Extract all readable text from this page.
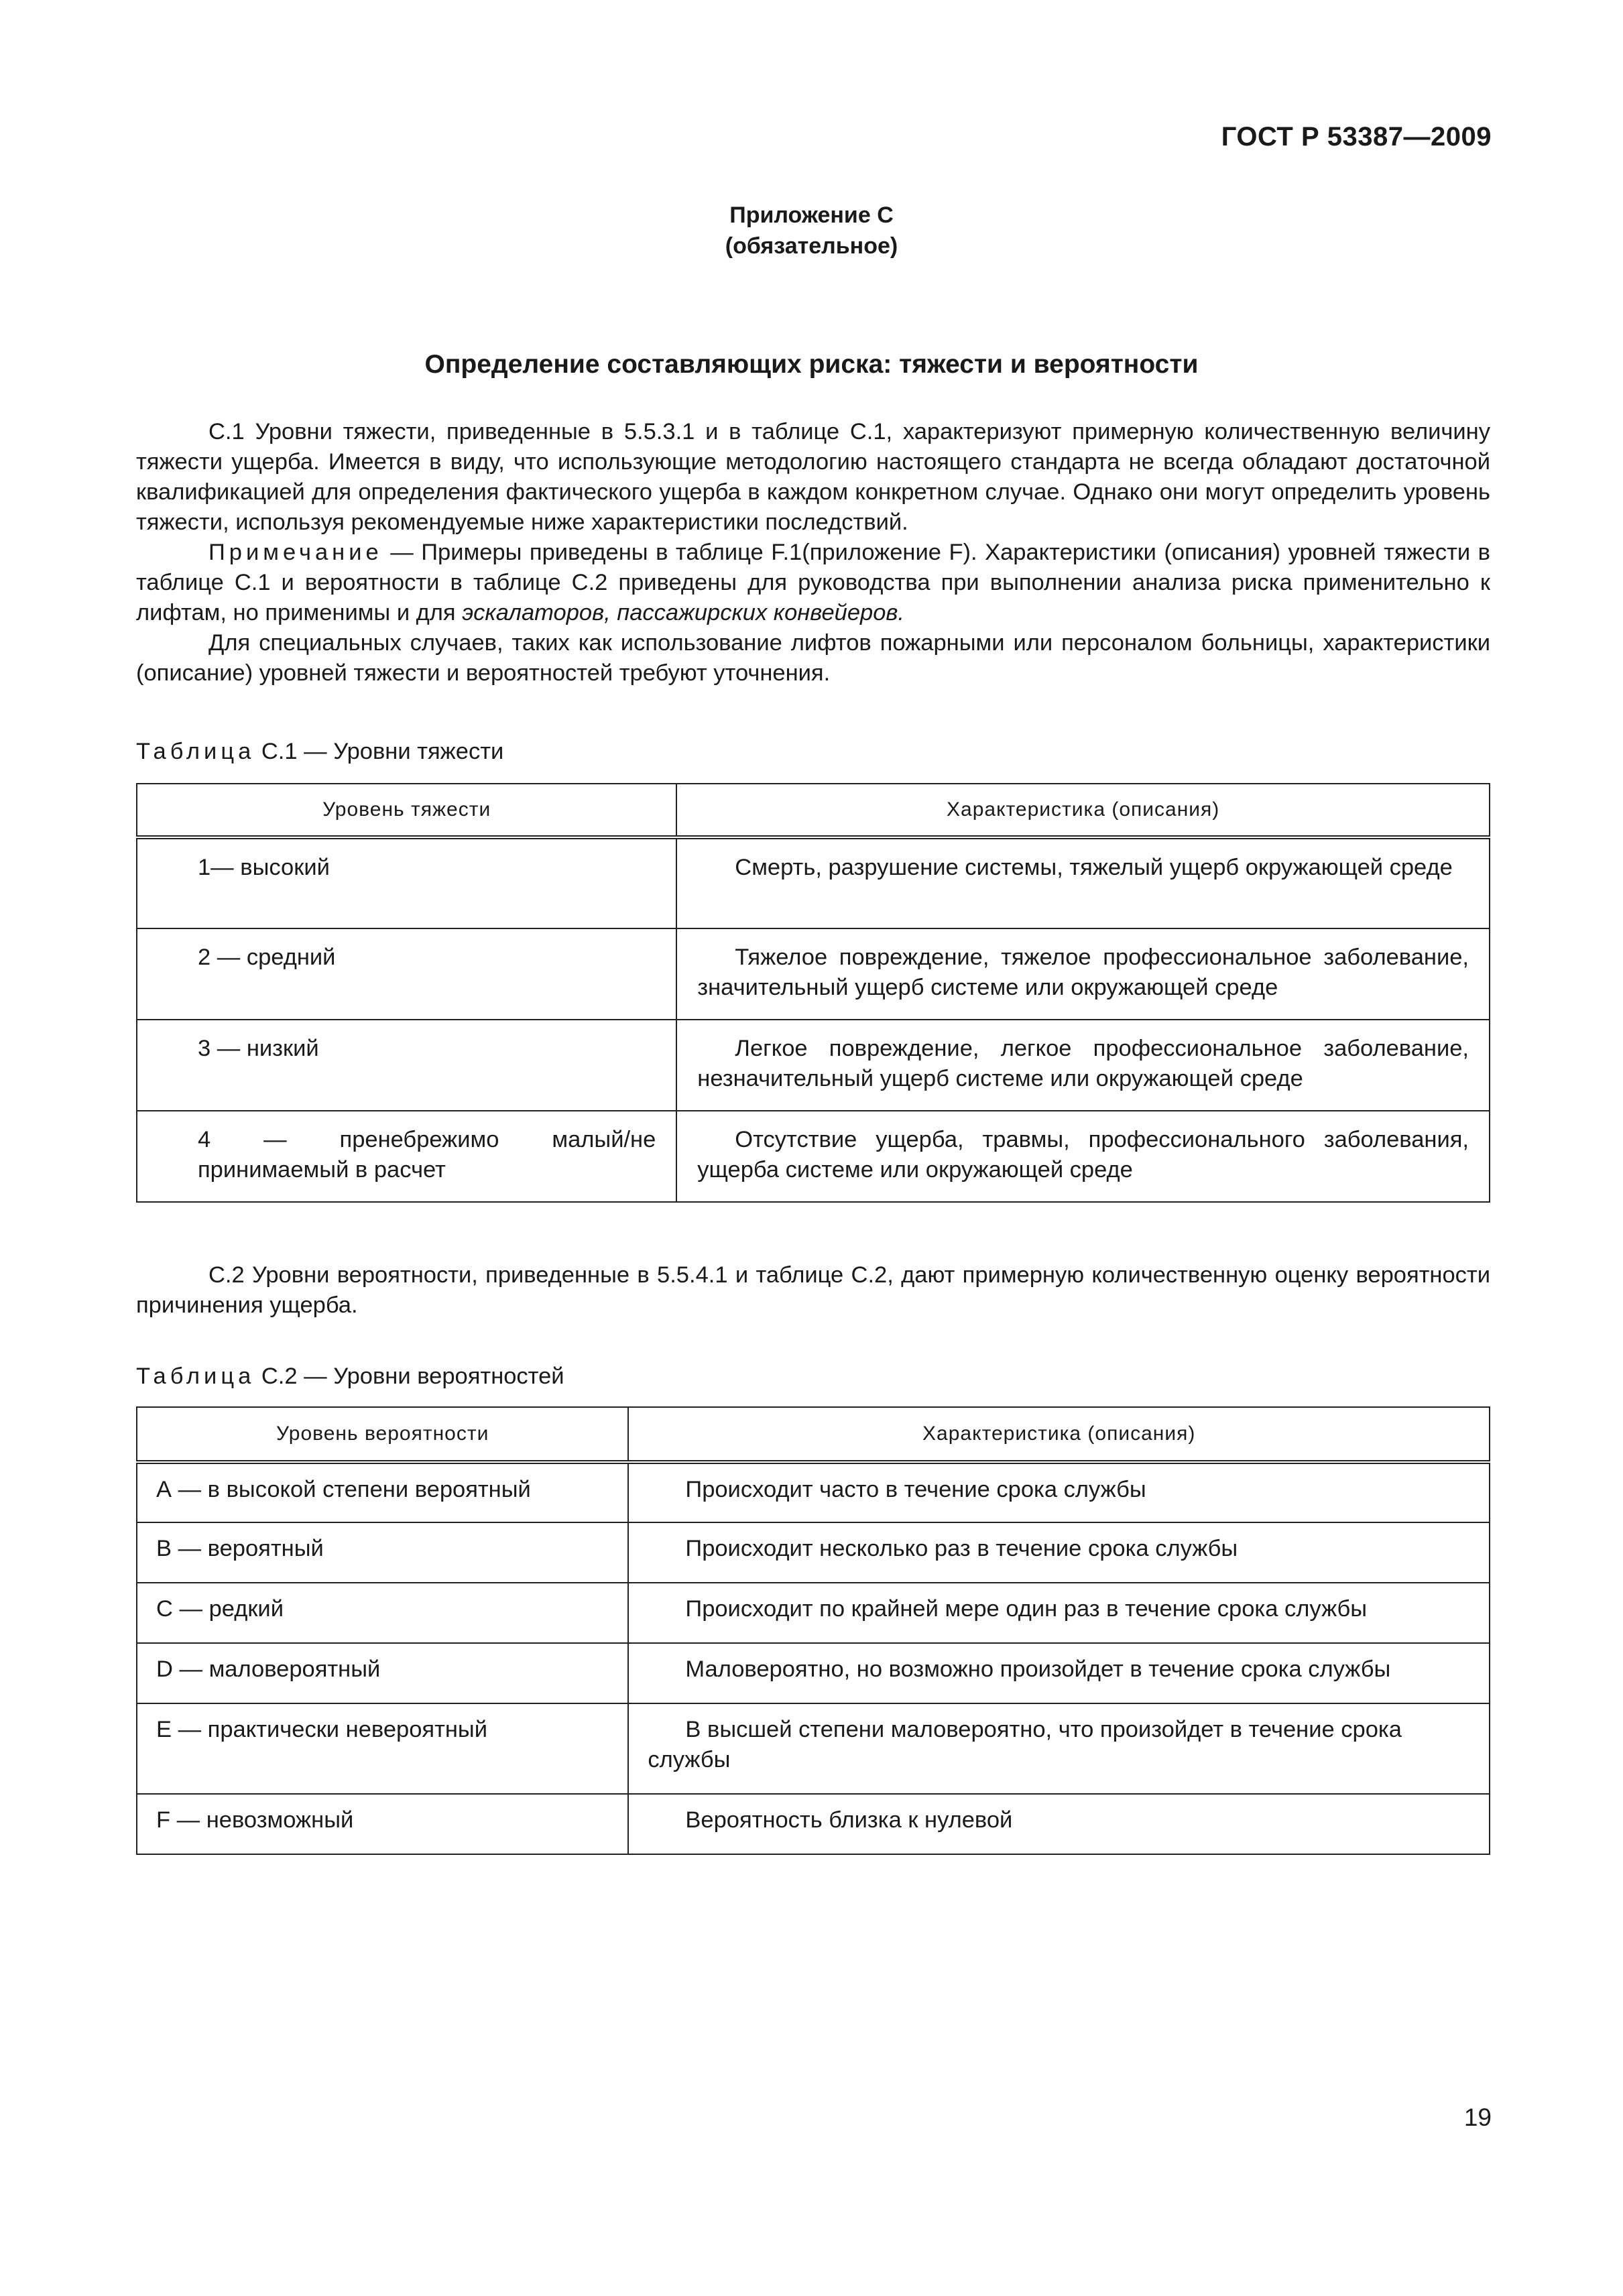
ГОСТ Р 53387—2009
Приложение С
(обязательное)
Определение составляющих риска: тяжести и вероятности

С.1 Уровни тяжести, приведенные в 5.5.3.1 и в таблице С.1, характеризуют примерную количественную величину тяжести ущерба. Имеется в виду, что использующие методологию настоящего стандарта не всегда обладают достаточной квалификацией для определения фактического ущерба в каждом конкретном случае. Однако они могут определить уровень тяжести, используя рекомендуемые ниже характеристики последствий.

Примечание — Примеры приведены в таблице F.1(приложение F). Характеристики (описания) уровней тяжести в таблице С.1 и вероятности в таблице С.2 приведены для руководства при выполнении анализа риска применительно к лифтам, но применимы и для эскалаторов, пассажирских конвейеров.

Для специальных случаев, таких как использование лифтов пожарными или персоналом больницы, характеристики (описание) уровней тяжести и вероятностей требуют уточнения.

Таблица С.1 — Уровни тяжести
Уровень тяжести	Характеристика (описания)
1— высокий	Смерть, разрушение системы, тяжелый ущерб окружающей среде
2 — средний	Тяжелое повреждение, тяжелое профессиональное заболевание, значительный ущерб системе или окружающей среде
3 — низкий	Легкое повреждение, легкое профессиональное заболевание, незначительный ущерб системе или окружающей среде
4 — пренебрежимо малый/не принимаемый в расчет	Отсутствие ущерба, травмы, профессионального заболевания, ущерба системе или окружающей среде

С.2 Уровни вероятности, приведенные в 5.5.4.1 и таблице С.2, дают примерную количественную оценку вероятности причинения ущерба.

Таблица С.2 — Уровни вероятностей
Уровень вероятности	Характеристика (описания)
А — в высокой степени вероятный	Происходит часто в течение срока службы
В — вероятный	Происходит несколько раз в течение срока службы
С — редкий	Происходит по крайней мере один раз в течение срока службы
D — маловероятный	Маловероятно, но возможно произойдет в течение срока службы
Е — практически невероятный	В высшей степени маловероятно, что произойдет в течение срока службы
F — невозможный	Вероятность близка к нулевой
19
